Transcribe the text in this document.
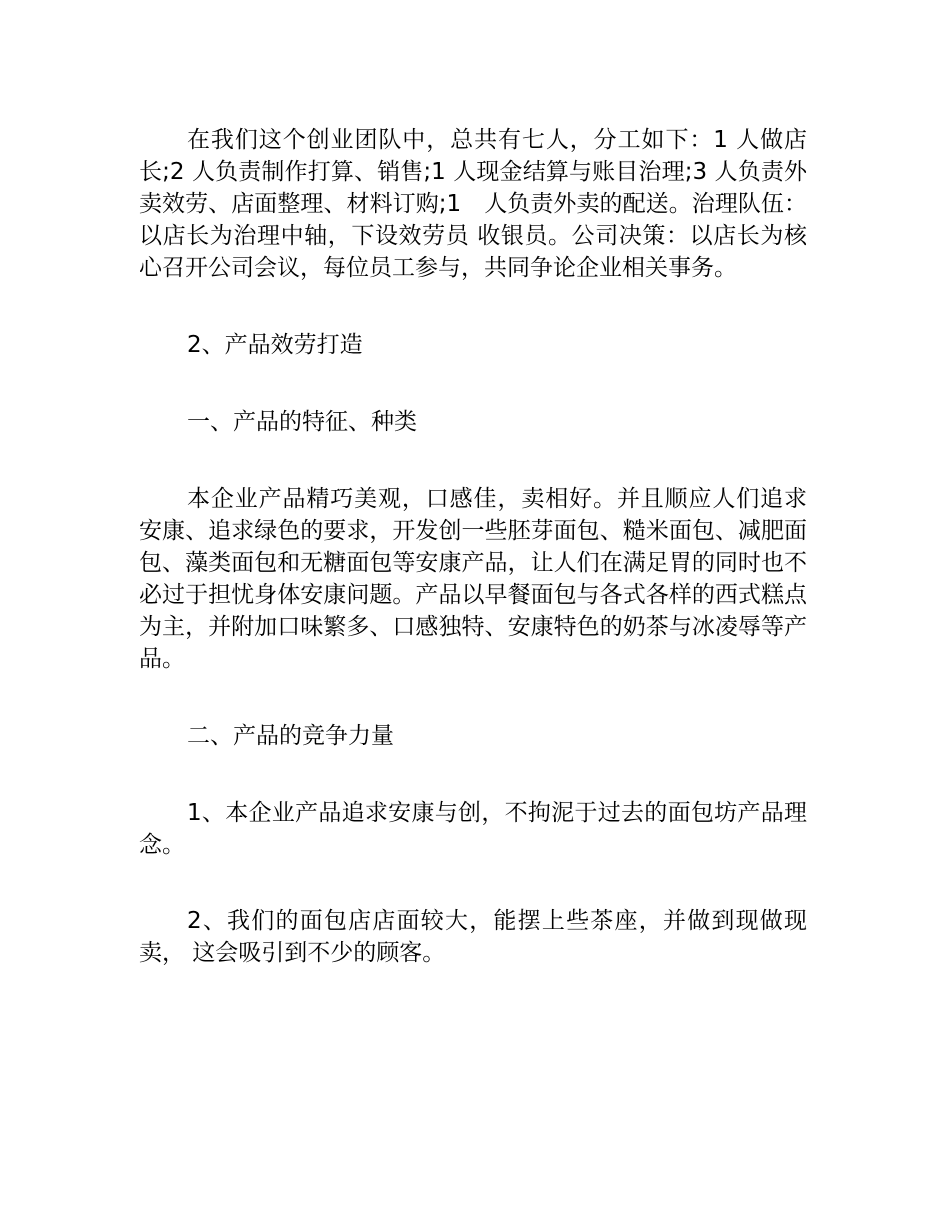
在我们这个创业团队中，总共有七人，分工如下：1 人做店长;2 人负责制作打算、销售;1 人现金结算与账目治理;3 人负责外卖效劳、店面整理、材料订购;1　人负责外卖的配送。治理队伍：以店长为治理中轴，下设效劳员 收银员。公司决策：以店长为核心召开公司会议，每位员工参与，共同争论企业相关事务。

2、产品效劳打造

一、产品的特征、种类

本企业产品精巧美观，口感佳，卖相好。并且顺应人们追求安康、追求绿色的要求，开发创一些胚芽面包、糙米面包、减肥面包、藻类面包和无糖面包等安康产品，让人们在满足胃的同时也不必过于担忧身体安康问题。产品以早餐面包与各式各样的西式糕点为主，并附加口味繁多、口感独特、安康特色的奶茶与冰凌辱等产品。

二、产品的竞争力量

1、本企业产品追求安康与创，不拘泥于过去的面包坊产品理念。

2、我们的面包店店面较大，能摆上些茶座，并做到现做现卖， 这会吸引到不少的顾客。
